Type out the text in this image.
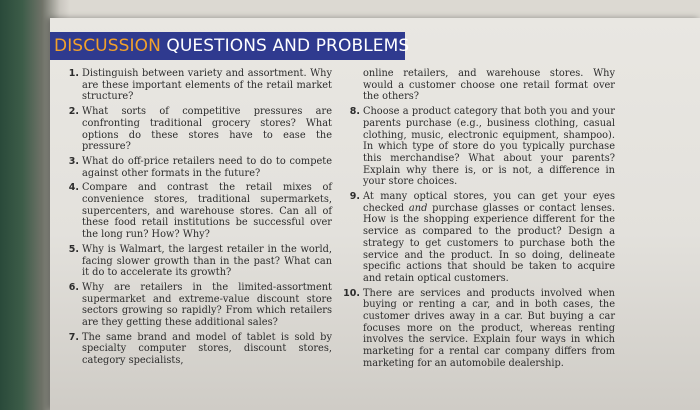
DISCUSSION QUESTIONS AND PROBLEMS
1. Distinguish between variety and assortment. Why are these important elements of the retail market structure?
2. What sorts of competitive pressures are confronting traditional grocery stores? What options do these stores have to ease the pressure?
3. What do off-price retailers need to do to compete against other formats in the future?
4. Compare and contrast the retail mixes of convenience stores, traditional supermarkets, supercenters, and warehouse stores. Can all of these food retail institutions be successful over the long run? How? Why?
5. Why is Walmart, the largest retailer in the world, facing slower growth than in the past? What can it do to accelerate its growth?
6. Why are retailers in the limited-assortment supermarket and extreme-value discount store sectors growing so rapidly? From which retailers are they getting these additional sales?
7. The same brand and model of tablet is sold by specialty computer stores, discount stores, category specialists,
online retailers, and warehouse stores. Why would a customer choose one retail format over the others?
8. Choose a product category that both you and your parents purchase (e.g., business clothing, casual clothing, music, electronic equipment, shampoo). In which type of store do you typically purchase this merchandise? What about your parents? Explain why there is, or is not, a difference in your store choices.
9. At many optical stores, you can get your eyes checked and purchase glasses or contact lenses. How is the shopping experience different for the service as compared to the product? Design a strategy to get customers to purchase both the service and the product. In so doing, delineate specific actions that should be taken to acquire and retain optical customers.
10. There are services and products involved when buying or renting a car, and in both cases, the customer drives away in a car. But buying a car focuses more on the product, whereas renting involves the service. Explain four ways in which marketing for a rental car company differs from marketing for an automobile dealership.
